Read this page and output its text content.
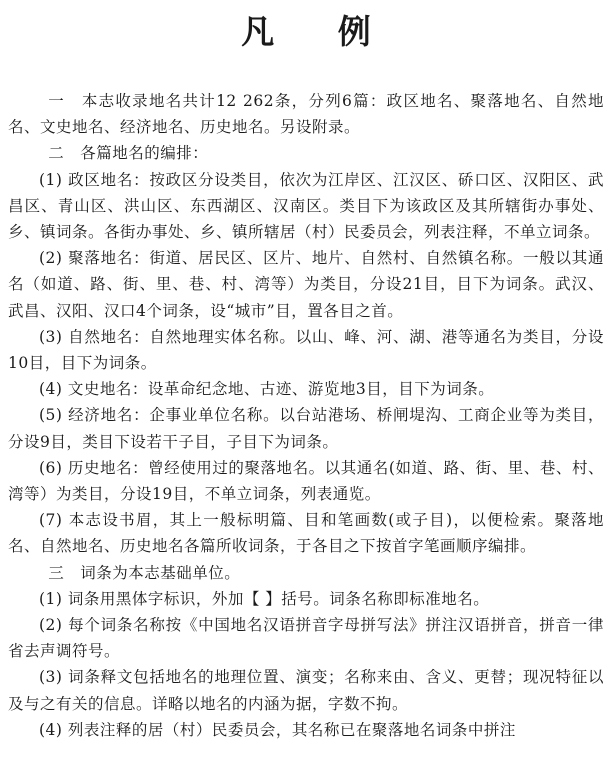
凡 例

一　本志收录地名共计12 262条，分列6篇：政区地名、聚落地名、自然地名、文史地名、经济地名、历史地名。另设附录。

二　各篇地名的编排：

(1) 政区地名：按政区分设类目，依次为江岸区、江汉区、硚口区、汉阳区、武昌区、青山区、洪山区、东西湖区、汉南区。类目下为该政区及其所辖街办事处、乡、镇词条。各街办事处、乡、镇所辖居（村）民委员会，列表注释，不单立词条。

(2) 聚落地名：街道、居民区、区片、地片、自然村、自然镇名称。一般以其通名（如道、路、街、里、巷、村、湾等）为类目，分设21目，目下为词条。武汉、武昌、汉阳、汉口4个词条，设“城市”目，置各目之首。

(3) 自然地名：自然地理实体名称。以山、峰、河、湖、港等通名为类目，分设10目，目下为词条。

(4) 文史地名：设革命纪念地、古迹、游览地3目，目下为词条。

(5) 经济地名：企事业单位名称。以台站港场、桥闸堤沟、工商企业等为类目，分设9目，类目下设若干子目，子目下为词条。

(6) 历史地名：曾经使用过的聚落地名。以其通名(如道、路、街、里、巷、村、湾等）为类目，分设19目，不单立词条，列表通览。

(7) 本志设书眉，其上一般标明篇、目和笔画数(或子目)，以便检索。聚落地名、自然地名、历史地名各篇所收词条，于各目之下按首字笔画顺序编排。

三　词条为本志基础单位。

(1) 词条用黑体字标识，外加【 】括号。词条名称即标准地名。

(2) 每个词条名称按《中国地名汉语拼音字母拼写法》拼注汉语拼音，拼音一律省去声调符号。

(3) 词条释文包括地名的地理位置、演变；名称来由、含义、更替；现况特征以及与之有关的信息。详略以地名的内涵为据，字数不拘。

(4) 列表注释的居（村）民委员会，其名称已在聚落地名词条中拼注
